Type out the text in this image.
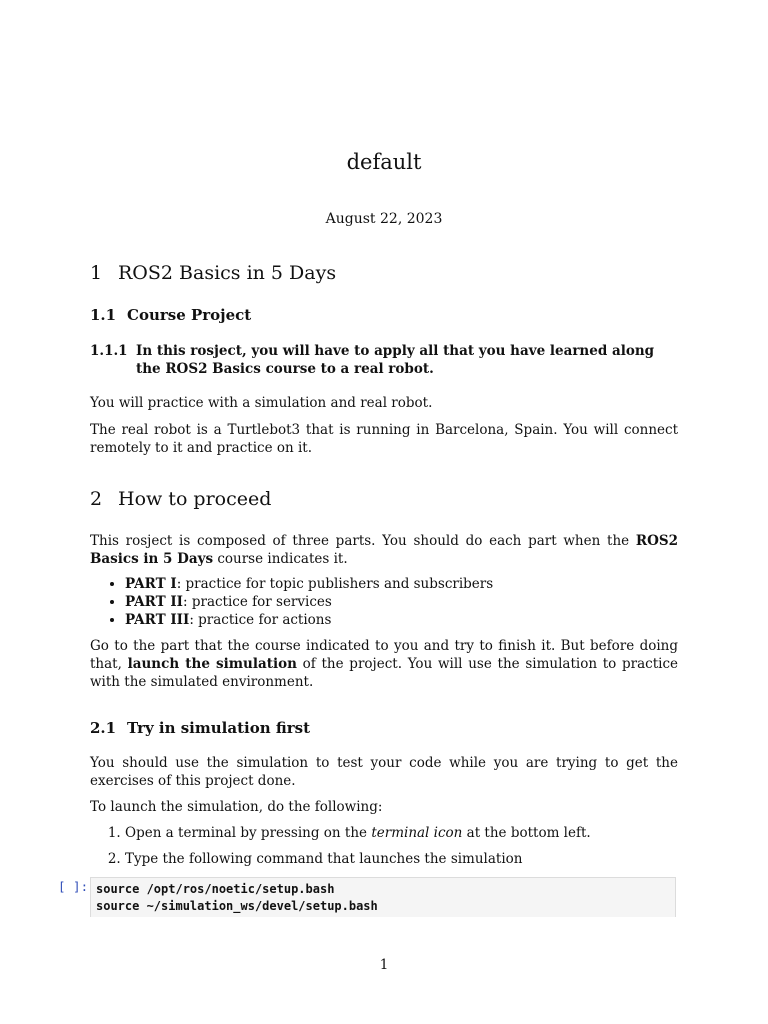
default
August 22, 2023
1 ROS2 Basics in 5 Days
1.1 Course Project
1.1.1 In this rosject, you will have to apply all that you have learned along the ROS2 Basics course to a real robot.
You will practice with a simulation and real robot.
The real robot is a Turtlebot3 that is running in Barcelona, Spain. You will connect remotely to it and practice on it.
2 How to proceed
This rosject is composed of three parts. You should do each part when the ROS2 Basics in 5 Days course indicates it.
• PART I: practice for topic publishers and subscribers
• PART II: practice for services
• PART III: practice for actions
Go to the part that the course indicated to you and try to finish it. But before doing that, launch the simulation of the project. You will use the simulation to practice with the simulated environment.
2.1 Try in simulation first
You should use the simulation to test your code while you are trying to get the exercises of this project done.
To launch the simulation, do the following:
1. Open a terminal by pressing on the terminal icon at the bottom left.
2. Type the following command that launches the simulation
[ ]: source /opt/ros/noetic/setup.bash
source ~/simulation_ws/devel/setup.bash
1
